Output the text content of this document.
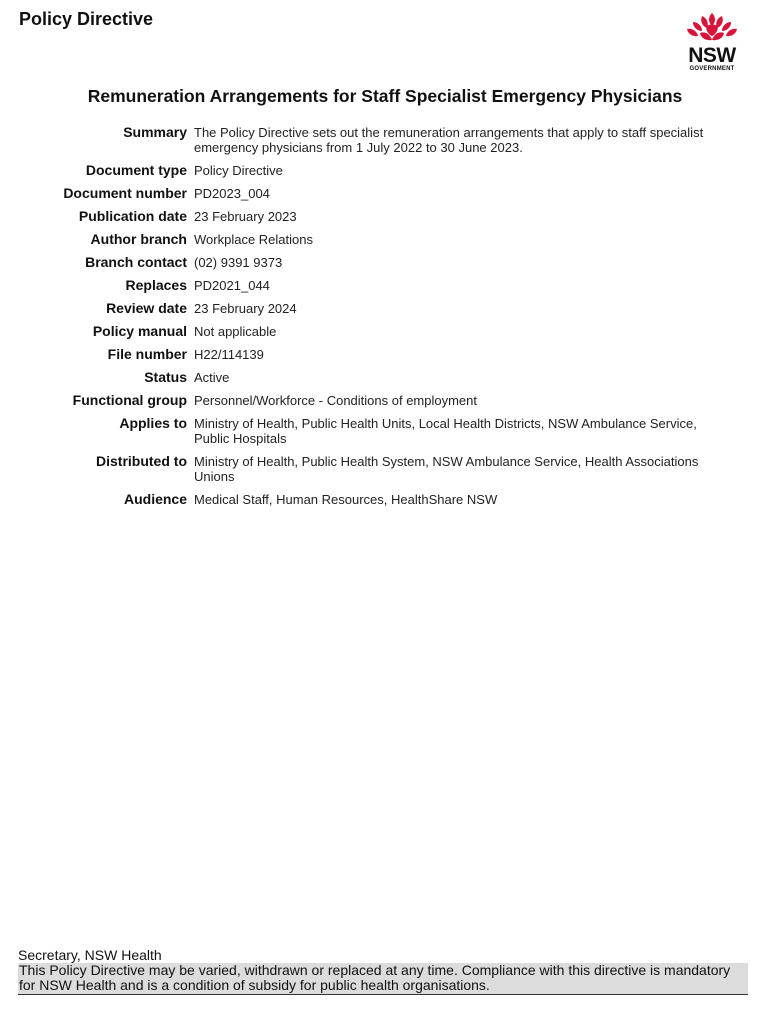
Policy Directive
NSW
GOVERNMENT
Remuneration Arrangements for Staff Specialist Emergency Physicians
Summary	The Policy Directive sets out the remuneration arrangements that apply to staff specialist emergency physicians from 1 July 2022 to 30 June 2023.
Document type	Policy Directive
Document number	PD2023_004
Publication date	23 February 2023
Author branch	Workplace Relations
Branch contact	(02) 9391 9373
Replaces	PD2021_044
Review date	23 February 2024
Policy manual	Not applicable
File number	H22/114139
Status	Active
Functional group	Personnel/Workforce - Conditions of employment
Applies to	Ministry of Health, Public Health Units, Local Health Districts, NSW Ambulance Service, Public Hospitals
Distributed to	Ministry of Health, Public Health System, NSW Ambulance Service, Health Associations Unions
Audience	Medical Staff, Human Resources, HealthShare NSW
Secretary, NSW Health
This Policy Directive may be varied, withdrawn or replaced at any time. Compliance with this directive is mandatory for NSW Health and is a condition of subsidy for public health organisations.
